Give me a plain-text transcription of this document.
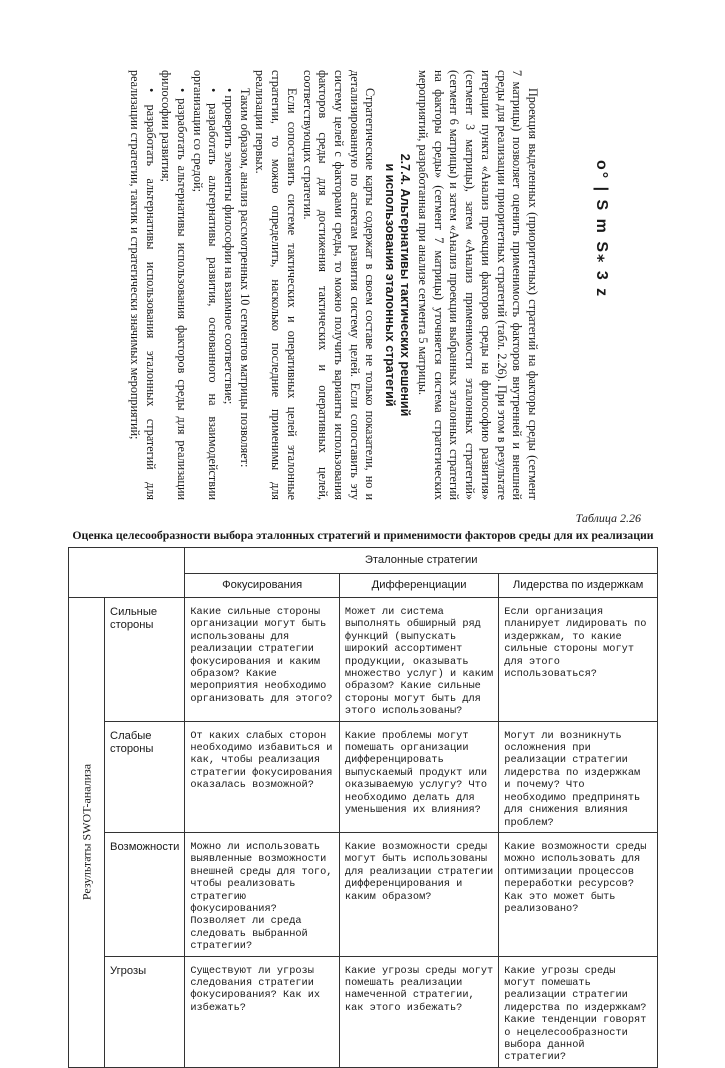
Проекция выделенных (приоритетных) стратегий на факторы среды (сегмент 7 матрицы) позволяет оценить применимость факторов внутренней и внешней среды для реализации приоритетных стратегий (табл. 2.26). При этом в результате итерации пункта «Анализ проекции факторов среды на философию развития» (сегмент 3 матрицы), затем «Анализ применимости эталонных стратегий» (сегмент 6 матрицы) и затем «Анализ проекции выбранных эталонных стратегий на факторы среды» (сегмент 7 матрицы) уточняется система стратегических мероприятий, разработанная при анализе сегмента 5 матрицы.

2.7.4. Альтернативы тактических решений
и использования эталонных стратегий

Стратегические карты содержат в своем составе не только показатели, но и детализированную по аспектам развития систему целей. Если сопоставить эту систему целей с факторами среды, то можно получить варианты использования факторов среды для достижения тактических и оперативных целей, соответствующих стратегии.

Если сопоставить системе тактических и оперативных целей эталонные стратегии, то можно определить, насколько последние применимы для реализации первых.

Таким образом, анализ рассмотренных 10 сегментов матрицы позволяет:

• проверить элементы философии на взаимное соответствие;

• разработать альтернативы развития, основанного на взаимодействии организации со средой;

• разработать альтернативы использования факторов среды для реализации философии развития;

• разработать альтернативы использования эталонных стратегий для реализации стратегии, тактик и стратегически значимых мероприятий;	o° | S m S⁎ 3 z
Таблица 2.26
Оценка целесообразности выбора эталонных стратегий и применимости факторов среды для их реализации
		Эталонные стратегии		
		Фокусирования	Дифференциации	Лидерства по издержкам

Результаты SWOT-анализа	Сильные стороны	Какие сильные стороны организации могут быть использованы для реализации стратегии фокусирования и каким образом? Какие мероприятия необходимо организовать для этого?	Может ли система выполнять обширный ряд функций (выпускать широкий ассортимент продукции, оказывать множество услуг) и каким образом? Какие сильные стороны могут быть для этого использованы?	Если организация планирует лидировать по издержкам, то какие сильные стороны могут для этого использоваться?
	Слабые стороны	От каких слабых сторон необходимо избавиться и как, чтобы реализация стратегии фокусирования оказалась возможной?	Какие проблемы могут помешать организации дифференцировать выпускаемый продукт или оказываемую услугу? Что необходимо делать для уменьшения их влияния?	Могут ли возникнуть осложнения при реализации стратегии лидерства по издержкам и почему? Что необходимо предпринять для снижения влияния проблем?
	Возможности	Можно ли использовать выявленные возможности внешней среды для того, чтобы реализовать стратегию фокусирования? Позволяет ли среда следовать выбранной стратегии?	Какие возможности среды могут быть использованы для реализации стратегии дифференцирования и каким образом?	Какие возможности среды можно использовать для оптимизации процессов переработки ресурсов? Как это может быть реализовано?
	Угрозы	Существуют ли угрозы следования стратегии фокусирования? Как их избежать?	Какие угрозы среды могут помешать реализации намеченной стратегии, как этого избежать?	Какие угрозы среды могут помешать реализации стратегии лидерства по издержкам? Какие тенденции говорят о нецелесообразности выбора данной стратегии?
